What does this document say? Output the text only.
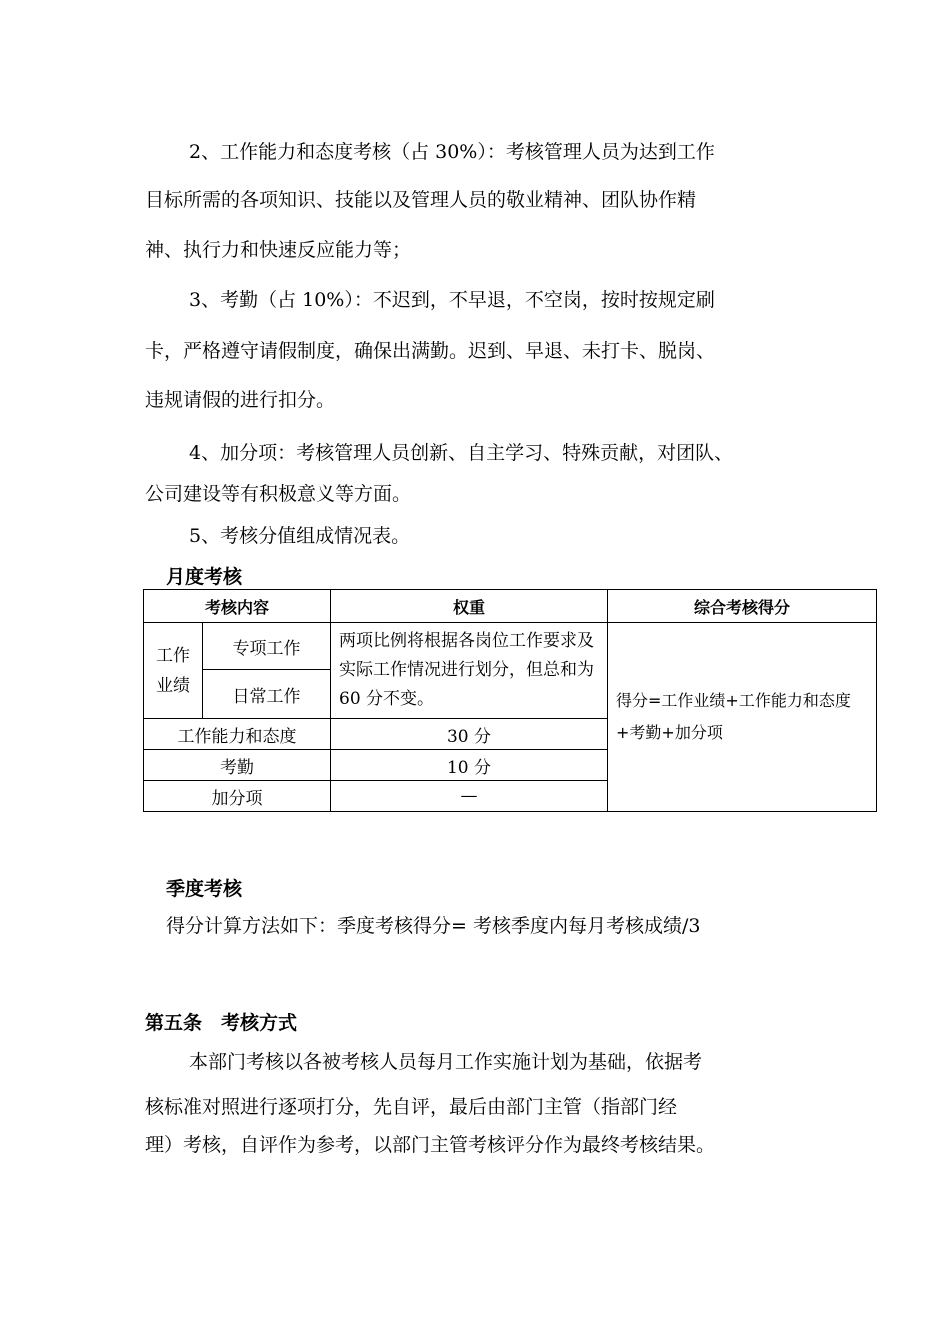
2、工作能力和态度考核（占 30%）：考核管理人员为达到工作
目标所需的各项知识、技能以及管理人员的敬业精神、团队协作精
神、执行力和快速反应能力等；
3、考勤（占 10%）：不迟到，不早退，不空岗，按时按规定刷
卡，严格遵守请假制度，确保出满勤。迟到、早退、未打卡、脱岗、
违规请假的进行扣分。
4、加分项：考核管理人员创新、自主学习、特殊贡献，对团队、
公司建设等有积极意义等方面。
5、考核分值组成情况表。
月度考核
考核内容		权重	综合考核得分
工作业绩	专项工作	两项比例将根据各岗位工作要求及实际工作情况进行划分，但总和为 60 分不变。	得分=工作业绩+工作能力和态度+考勤+加分项
	日常工作		
工作能力和态度		30 分	
考勤		10 分	
加分项		—	
季度考核
得分计算方法如下：季度考核得分= 考核季度内每月考核成绩/3
第五条　考核方式
本部门考核以各被考核人员每月工作实施计划为基础，依据考
核标准对照进行逐项打分，先自评，最后由部门主管（指部门经
理）考核，自评作为参考，以部门主管考核评分作为最终考核结果。
